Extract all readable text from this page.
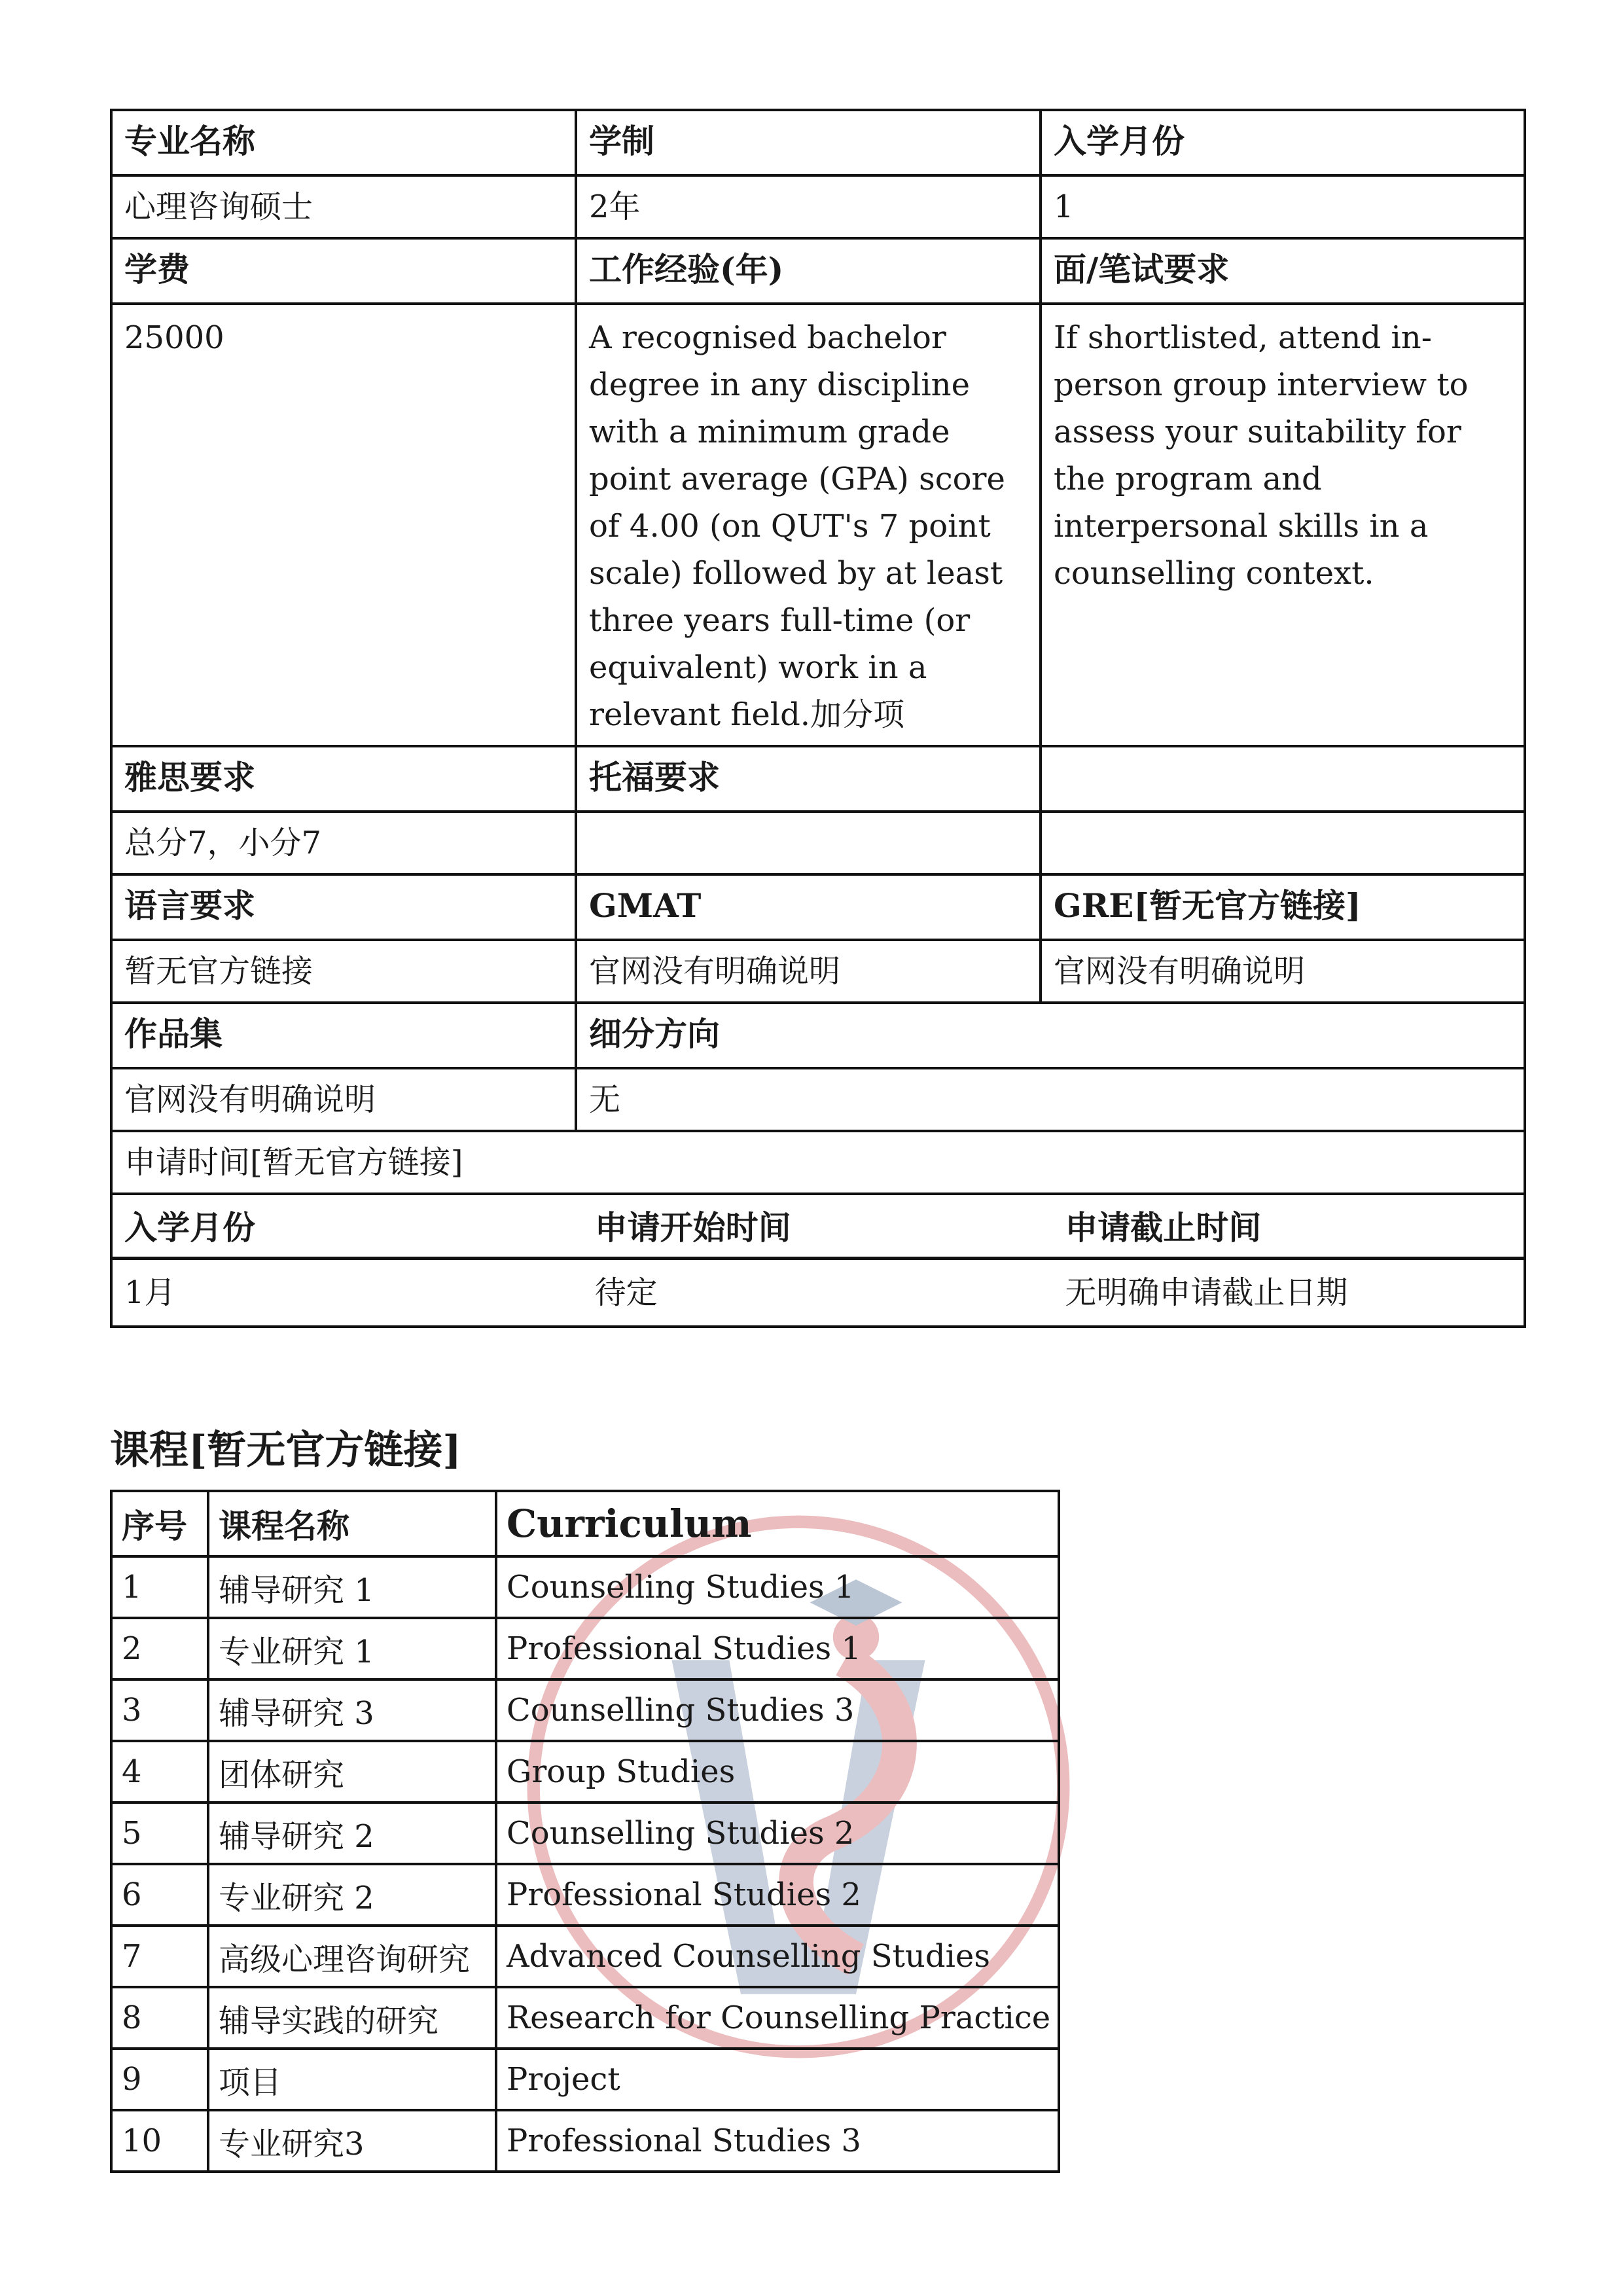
专业名称	学制	入学月份
心理咨询硕士	2年	1
学费	工作经验(年)	面/笔试要求
25000	A recognised bachelor degree in any discipline with a minimum grade point average (GPA) score of 4.00 (on QUT's 7 point scale) followed by at least three years full-time (or equivalent) work in a relevant field.加分项	If shortlisted, attend in-person group interview to assess your suitability for the program and interpersonal skills in a counselling context.
雅思要求	托福要求	
总分7，小分7		
语言要求	GMAT	GRE[暂无官方链接]
暂无官方链接	官网没有明确说明	官网没有明确说明
作品集	细分方向
官网没有明确说明	无
申请时间[暂无官方链接]

入学月份	申请开始时间	申请截止时间
1月	待定	无明确申请截止日期
课程[暂无官方链接]
序号	课程名称	Curriculum
1	辅导研究 1	Counselling Studies 1
2	专业研究 1	Professional Studies 1
3	辅导研究 3	Counselling Studies 3
4	团体研究	Group Studies
5	辅导研究 2	Counselling Studies 2
6	专业研究 2	Professional Studies 2
7	高级心理咨询研究	Advanced Counselling Studies
8	辅导实践的研究	Research for Counselling Practice
9	项目	Project
10	专业研究3	Professional Studies 3
